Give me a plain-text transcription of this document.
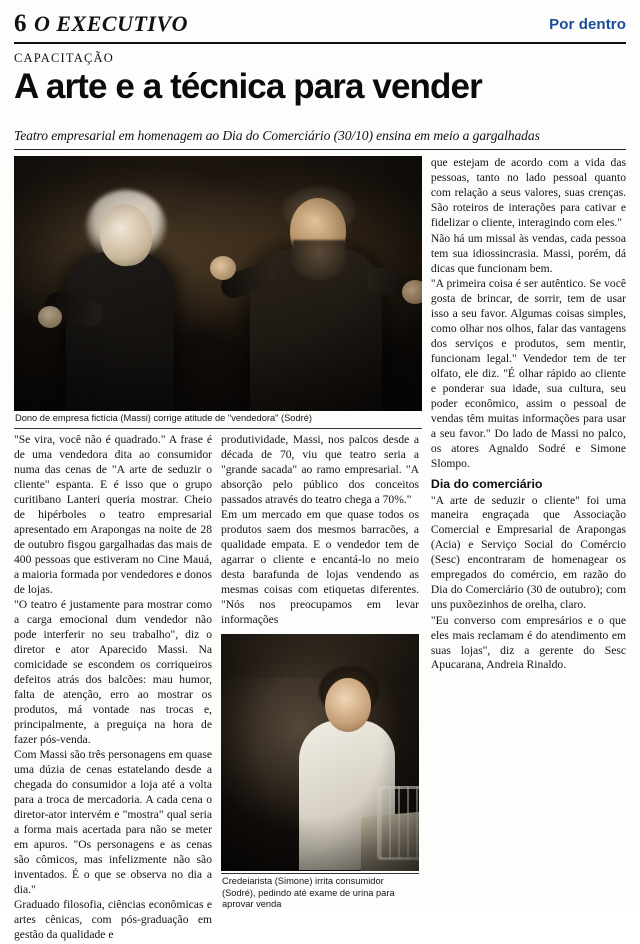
6 O EXECUTIVO	Por dentro
CAPACITAÇÃO
A arte e a técnica para vender
Teatro empresarial em homenagem ao Dia do Comerciário (30/10) ensina em meio a gargalhadas
Dono de empresa fictícia (Massi) corrige atitude de "vendedora" (Sodré)

"Se vira, você não é quadrado." A frase é de uma vendedora dita ao consumidor numa das cenas de "A arte de seduzir o cliente" espanta. E é isso que o grupo curitibano Lanteri queria mostrar. Cheio de hipérboles o teatro empresarial apresentado em Arapongas na noite de 28 de outubro fisgou gargalhadas das mais de 400 pessoas que estiveram no Cine Mauá, a maioria formada por vendedores e donos de lojas.

"O teatro é justamente para mostrar como a carga emocional dum vendedor não pode interferir no seu trabalho", diz o diretor e ator Aparecido Massi. Na comicidade se escondem os corriqueiros defeitos atrás dos balcões: mau humor, falta de atenção, erro ao mostrar os produtos, má vontade nas trocas e, principalmente, a preguiça na hora de fazer pós-venda.

Com Massi são três personagens em quase uma dúzia de cenas estatelando desde a chegada do consumidor a loja até a volta para a troca de mercadoria. A cada cena o diretor-ator intervém e "mostra" qual seria a forma mais acertada para não se meter em apuros. "Os personagens e as cenas são cômicos, mas infelizmente não são inventados. É o que se observa no dia a dia."

Graduado filosofia, ciências econômicas e artes cênicas, com pós-graduação em gestão da qualidade e

produtividade, Massi, nos palcos desde a década de 70, viu que teatro seria a "grande sacada" ao ramo empresarial. "A absorção pelo público dos conceitos passados através do teatro chega a 70%."

Em um mercado em que quase todos os produtos saem dos mesmos barracões, a qualidade empata. E o vendedor tem de agarrar o cliente e encantá-lo no meio desta barafunda de lojas vendendo as mesmas coisas com etiquetas diferentes. "Nós nos preocupamos em levar informações

Credeiarista (Simone) irrita consumidor (Sodré), pedindo até exame de urina para aprovar venda

que estejam de acordo com a vida das pessoas, tanto no lado pessoal quanto com relação a seus valores, suas crenças. São roteiros de interações para cativar e fidelizar o cliente, interagindo com eles."

Não há um missal às vendas, cada pessoa tem sua idiossincrasia. Massi, porém, dá dicas que funcionam bem.

"A primeira coisa é ser autêntico. Se você gosta de brincar, de sorrir, tem de usar isso a seu favor. Algumas coisas simples, como olhar nos olhos, falar das vantagens dos serviços e produtos, sem mentir, funcionam legal." Vendedor tem de ter olfato, ele diz. "É olhar rápido ao cliente e ponderar sua idade, sua cultura, seu poder econômico, assim o pessoal de vendas têm muitas informações para usar a seu favor." Do lado de Massi no palco, os atores Agnaldo Sodré e Simone Slompo.

Dia do comerciário

"A arte de seduzir o cliente" foi uma maneira engraçada que Associação Comercial e Empresarial de Arapongas (Acia) e Serviço Social do Comércio (Sesc) encontraram de homenagear os empregados do comércio, em razão do Dia do Comerciário (30 de outubro); com uns puxõezinhos de orelha, claro.

"Eu converso com empresários e o que eles mais reclamam é do atendimento em suas lojas", diz a gerente do Sesc Apucarana, Andreia Rinaldo.
